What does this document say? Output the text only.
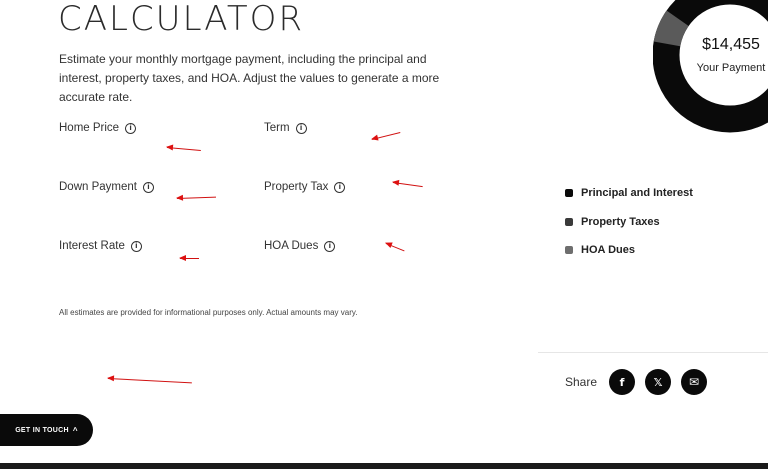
CALCULATOR
Estimate your monthly mortgage payment, including the principal and interest, property taxes, and HOA. Adjust the values to generate a more accurate rate.
Home Price	i	Term	i
Down Payment	i	Property Tax	i
Interest Rate	i	HOA Dues	i
All estimates are provided for informational purposes only. Actual amounts may vary.
$14,455
Your Payment
Principal and Interest
Property Taxes
HOA Dues
Share f	𝕏 ✉
GET IN TOUCH ^
